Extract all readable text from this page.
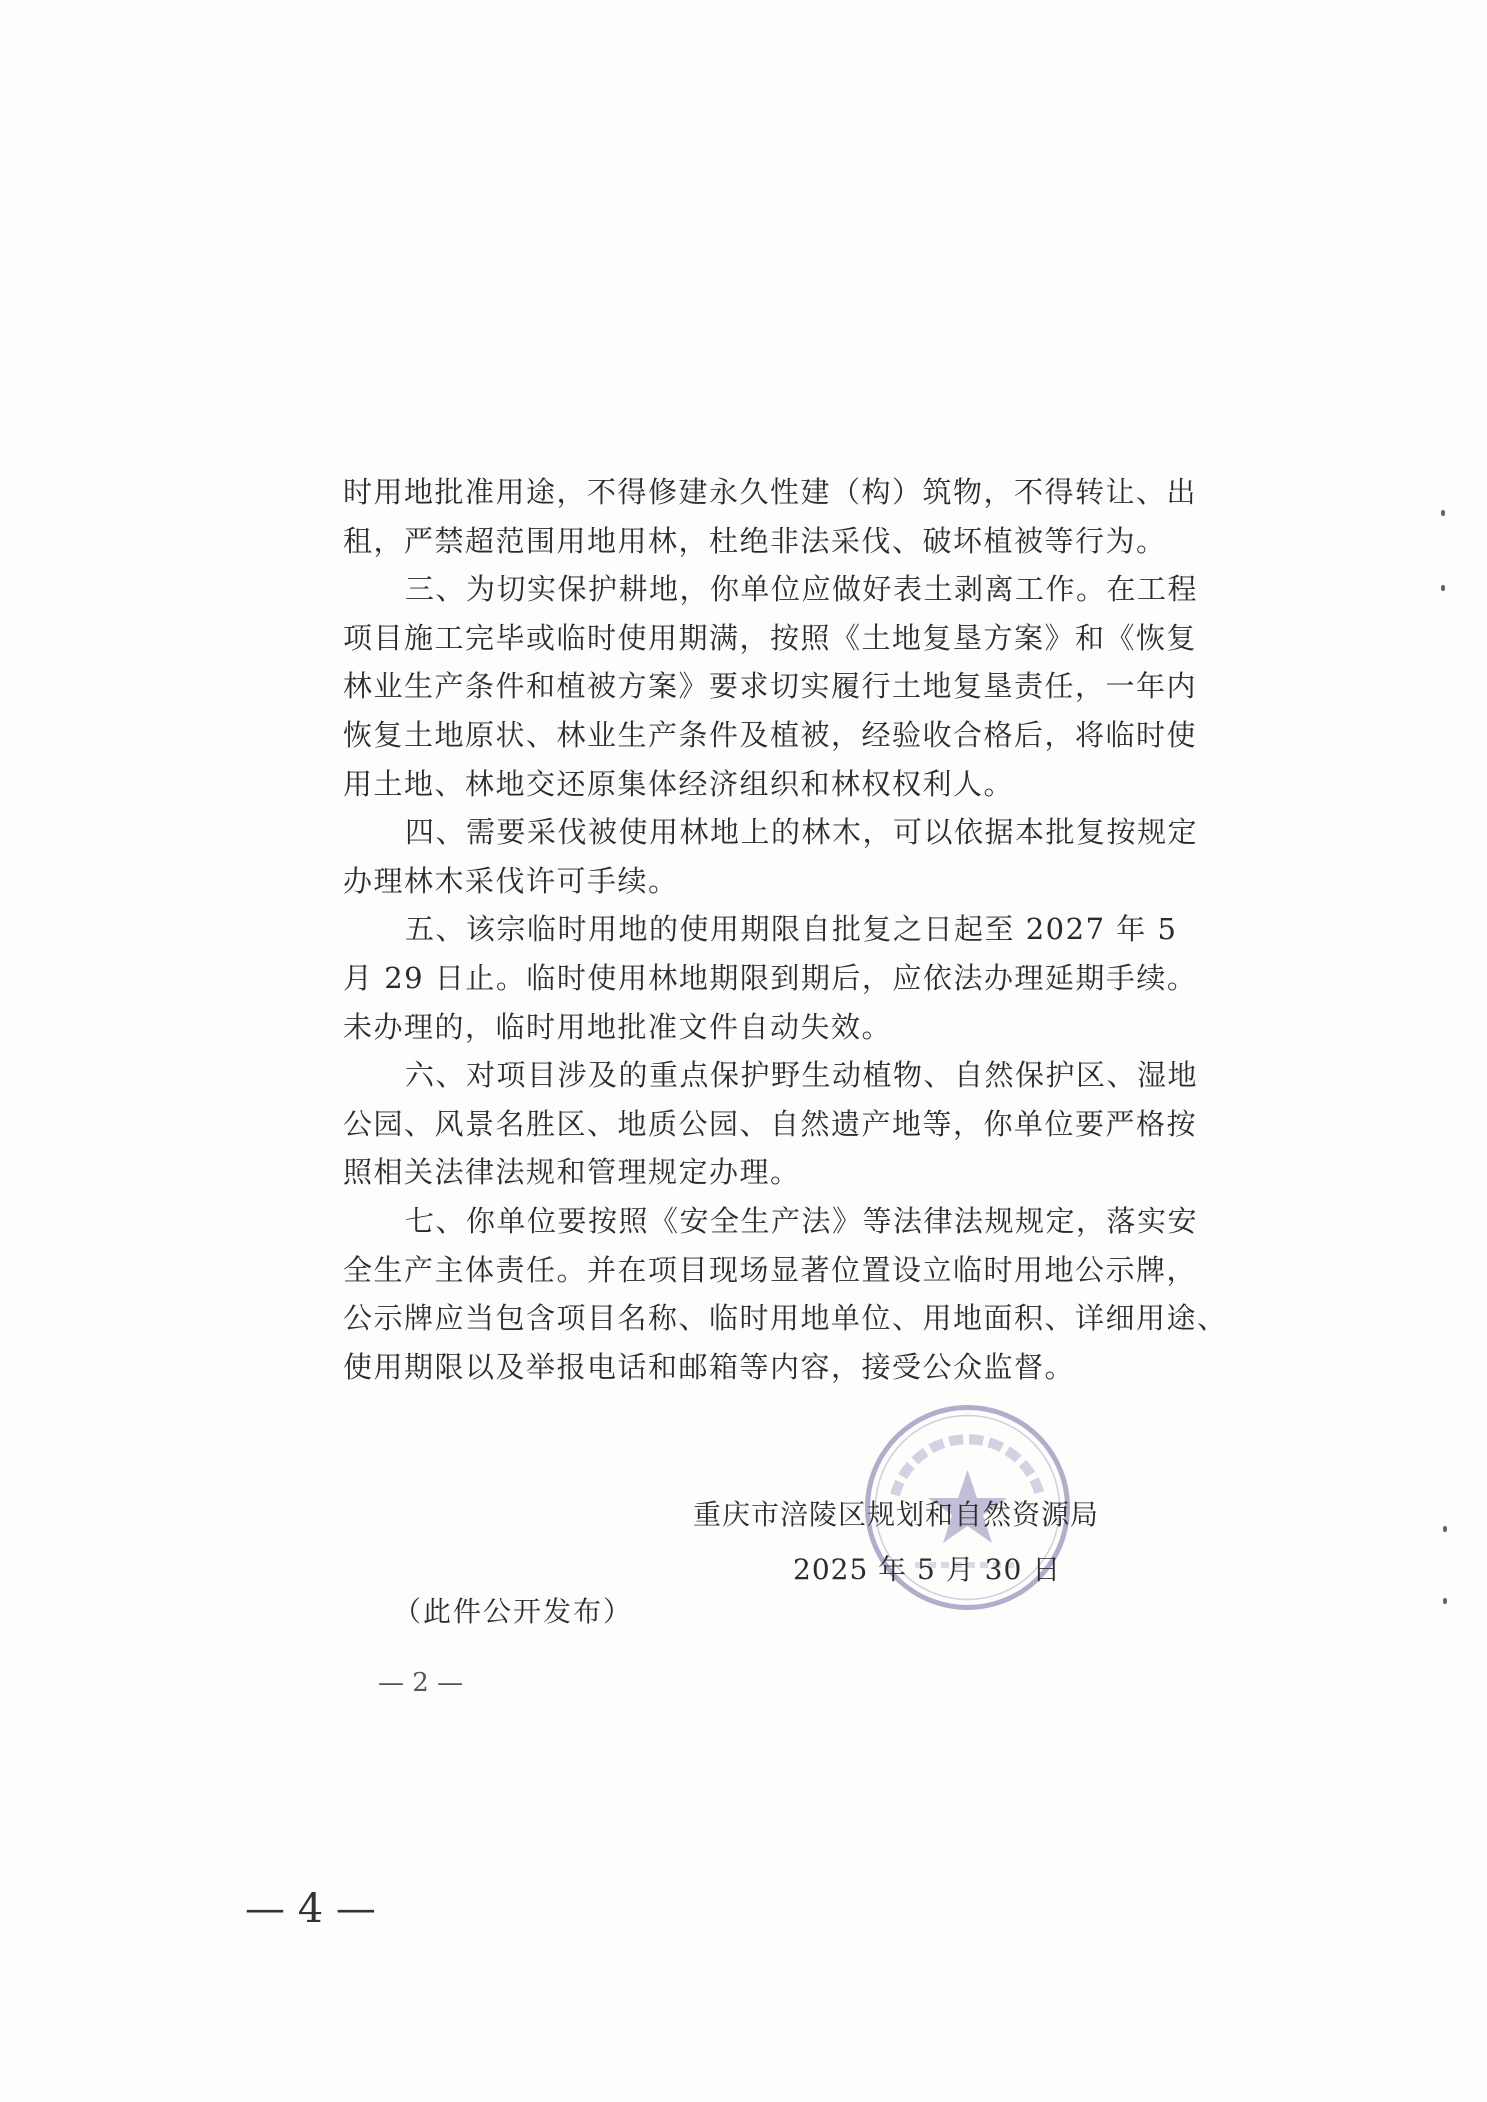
时用地批准用途，不得修建永久性建（构）筑物，不得转让、出
租，严禁超范围用地用林，杜绝非法采伐、破坏植被等行为。
三、为切实保护耕地，你单位应做好表土剥离工作。在工程
项目施工完毕或临时使用期满，按照《土地复垦方案》和《恢复
林业生产条件和植被方案》要求切实履行土地复垦责任，一年内
恢复土地原状、林业生产条件及植被，经验收合格后，将临时使
用土地、林地交还原集体经济组织和林权权利人。
四、需要采伐被使用林地上的林木，可以依据本批复按规定
办理林木采伐许可手续。
五、该宗临时用地的使用期限自批复之日起至 2027 年 5
月 29 日止。临时使用林地期限到期后，应依法办理延期手续。
未办理的，临时用地批准文件自动失效。
六、对项目涉及的重点保护野生动植物、自然保护区、湿地
公园、风景名胜区、地质公园、自然遗产地等，你单位要严格按
照相关法律法规和管理规定办理。
七、你单位要按照《安全生产法》等法律法规规定，落实安
全生产主体责任。并在项目现场显著位置设立临时用地公示牌，
公示牌应当包含项目名称、临时用地单位、用地面积、详细用途、
使用期限以及举报电话和邮箱等内容，接受公众监督。
重庆市涪陵区规划和自然资源局
2025 年 5 月 30 日
（此件公开发布）
— 2 —
— 4 —
